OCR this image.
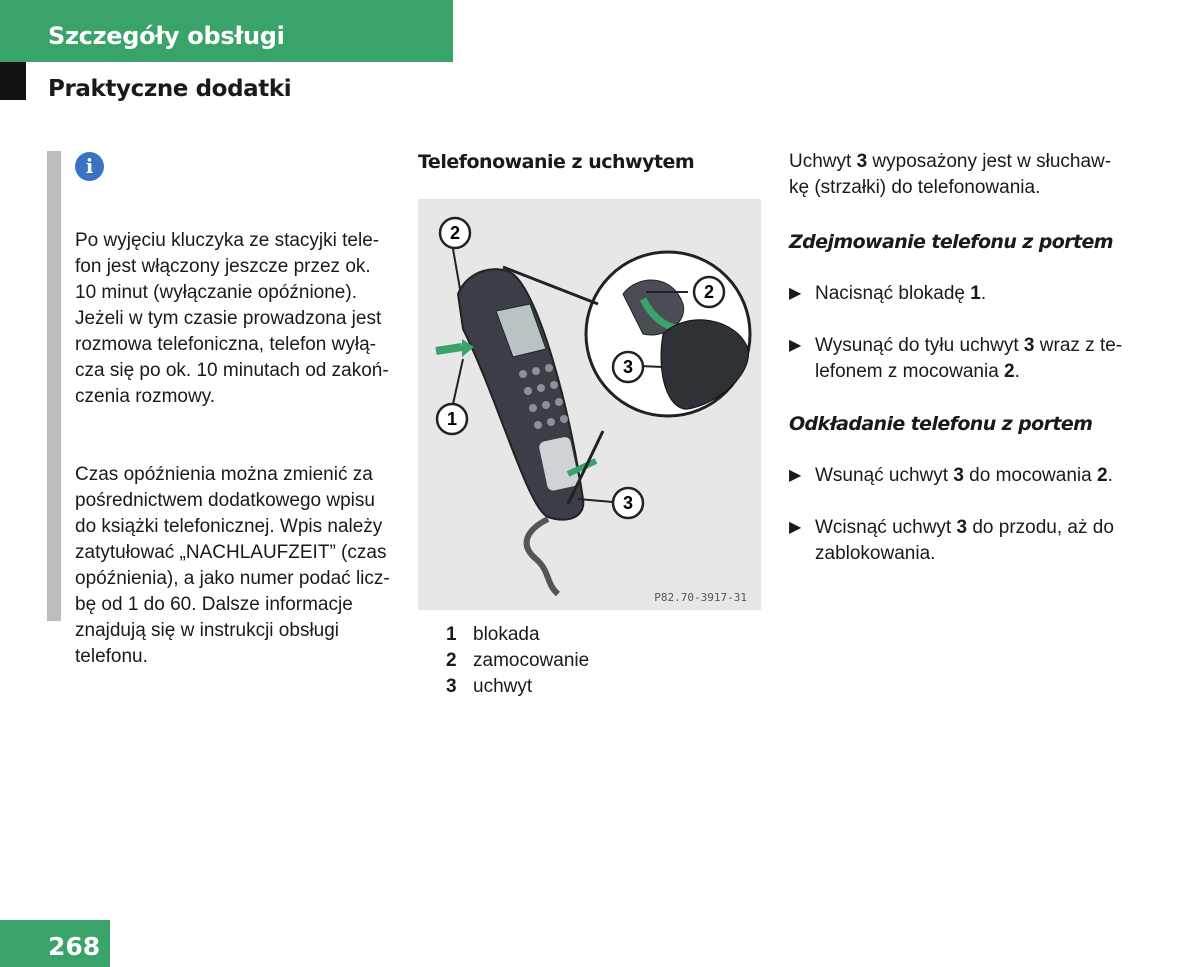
Szczegóły obsługi
Praktyczne dodatki
i

Po wyjęciu kluczyka ze stacyjki tele-
fon jest włączony jeszcze przez ok.
10 minut (wyłączanie opóźnione).
Jeżeli w tym czasie prowadzona jest
rozmowa telefoniczna, telefon wyłą-
cza się po ok. 10 minutach od zakoń-
czenia rozmowy.

Czas opóźnienia można zmienić za
pośrednictwem dodatkowego wpisu
do książki telefonicznej. Wpis należy
zatytułować „NACHLAUFZEIT” (czas
opóźnienia), a jako numer podać licz-
bę od 1 do 60. Dalsze informacje
znajdują się w instrukcji obsługi
telefonu.

Telefonowanie z uchwytem
2
1
3
2
3
P82.70-3917-31
1 blokada
2 zamocowanie
3 uchwyt
Uchwyt 3 wyposażony jest w słuchaw-
kę (strzałki) do telefonowania.
Zdejmowanie telefonu z portem
▶ Nacisnąć blokadę 1.
▶ Wysunąć do tyłu uchwyt 3 wraz z te-
lefonem z mocowania 2.
Odkładanie telefonu z portem
▶ Wsunąć uchwyt 3 do mocowania 2.
▶ Wcisnąć uchwyt 3 do przodu, aż do
zablokowania.
268
